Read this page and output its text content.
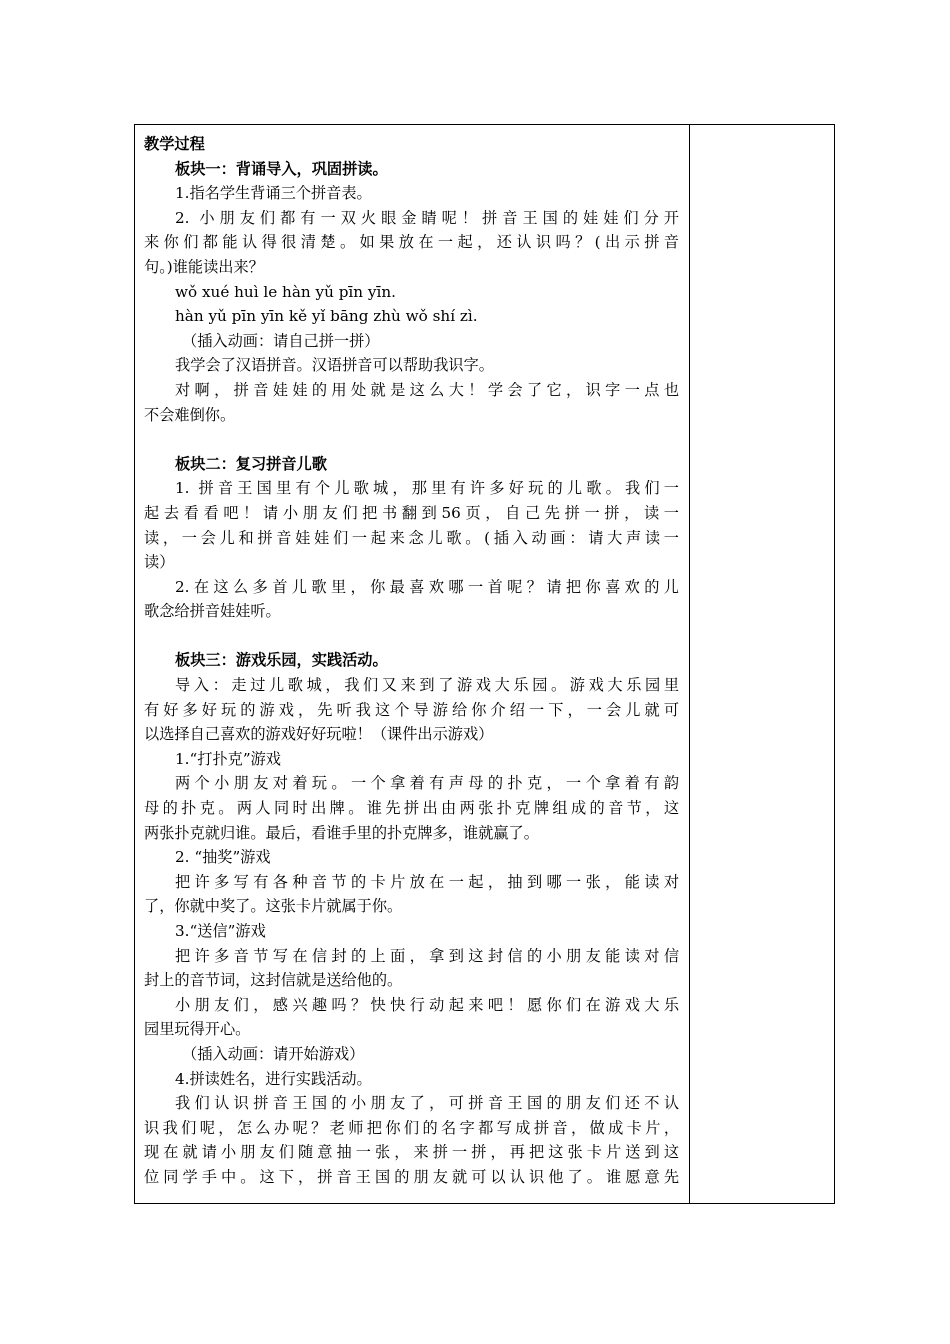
教学过程
板块一：背诵导入，巩固拼读。
1.指名学生背诵三个拼音表。
2. 小朋友们都有一双火眼金睛呢！拼音王国的娃娃们分开
来你们都能认得很清楚。如果放在一起，还认识吗？(出示拼音
句。)谁能读出来？
wǒ xué huì le hàn yǔ pīn yīn.
hàn yǔ pīn yīn kě yǐ bāng zhù wǒ shí zì.
（插入动画：请自己拼一拼）
我学会了汉语拼音。汉语拼音可以帮助我识字。
对啊，拼音娃娃的用处就是这么大！学会了它，识字一点也
不会难倒你。
板块二：复习拼音儿歌
1. 拼音王国里有个儿歌城，那里有许多好玩的儿歌。我们一
起去看看吧！请小朋友们把书翻到56页，自己先拼一拼，读一
读，一会儿和拼音娃娃们一起来念儿歌。(插入动画：请大声读一
读）
2.在这么多首儿歌里，你最喜欢哪一首呢？请把你喜欢的儿
歌念给拼音娃娃听。
板块三：游戏乐园，实践活动。
导入：走过儿歌城，我们又来到了游戏大乐园。游戏大乐园里
有好多好玩的游戏，先听我这个导游给你介绍一下，一会儿就可
以选择自己喜欢的游戏好好玩啦！（课件出示游戏）
1.“打扑克”游戏
两个小朋友对着玩。一个拿着有声母的扑克，一个拿着有韵
母的扑克。两人同时出牌。谁先拼出由两张扑克牌组成的音节，这
两张扑克就归谁。最后，看谁手里的扑克牌多，谁就赢了。
2. “抽奖”游戏
把许多写有各种音节的卡片放在一起，抽到哪一张，能读对
了，你就中奖了。这张卡片就属于你。
3.“送信”游戏
把许多音节写在信封的上面，拿到这封信的小朋友能读对信
封上的音节词，这封信就是送给他的。
小朋友们，感兴趣吗？快快行动起来吧！愿你们在游戏大乐
园里玩得开心。
（插入动画：请开始游戏）
4.拼读姓名，进行实践活动。
我们认识拼音王国的小朋友了，可拼音王国的朋友们还不认
识我们呢，怎么办呢？老师把你们的名字都写成拼音，做成卡片，
现在就请小朋友们随意抽一张，来拼一拼，再把这张卡片送到这
位同学手中。这下，拼音王国的朋友就可以认识他了。谁愿意先
